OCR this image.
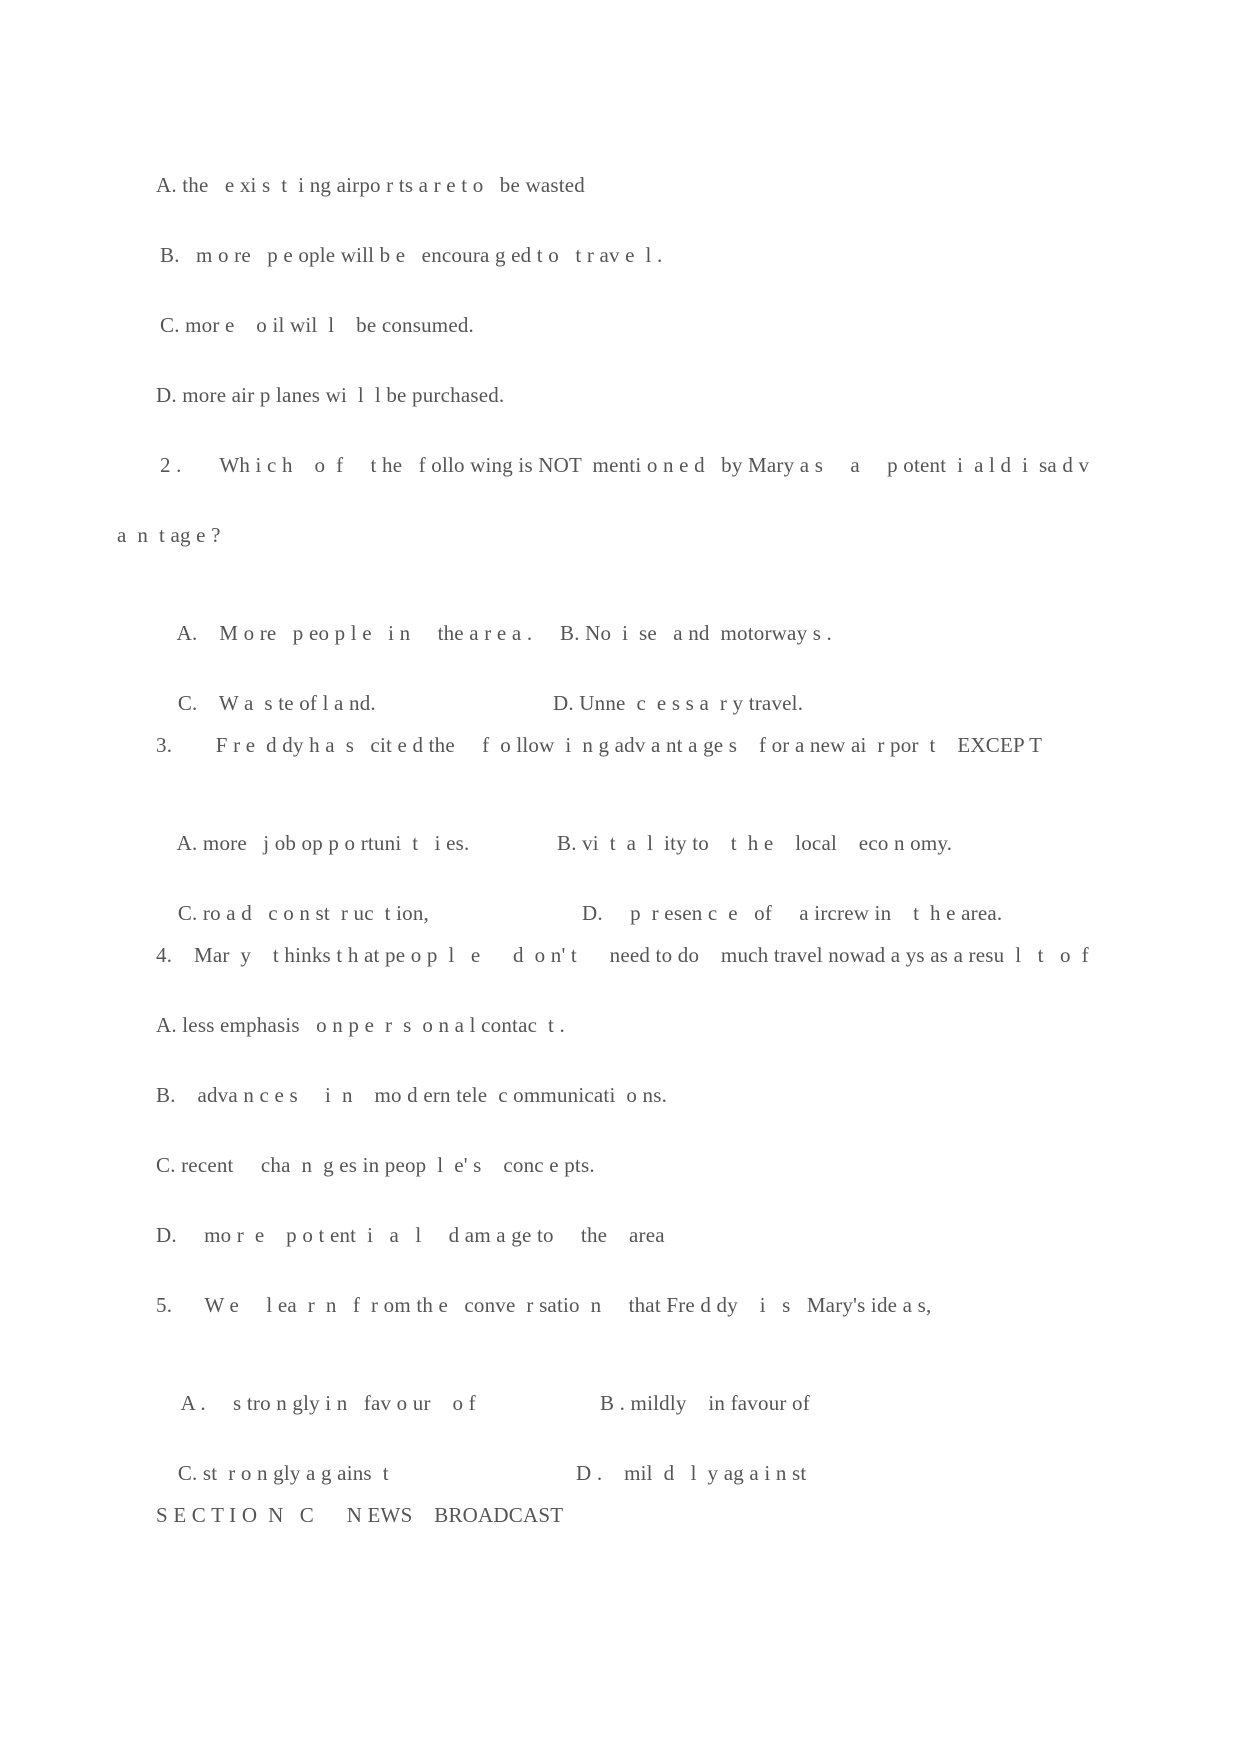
A. the   e xi s  t  i ng airpo r ts a r e t o   be wasted
B.   m o re   p e ople will b e   encoura g ed t o   t r av e  l .
C. mor e    o il wil  l    be consumed.
D. more air p lanes wi  l  l be purchased.
2 .       Wh i c h    o  f     t he   f ollo wing is NOT  menti o n e d   by Mary a s     a     p otent  i  a l d  i  sa d v
a  n  t ag e ?

A.    M o re   p eo p l e   i n     the a r e a . B. No  i  se   a nd  motorway s .

C.    W a  s te of l a nd.	D. Unne  c  e s s a  r y travel.

3.        F r e  d dy h a  s   cit e d the     f  o llow  i  n g adv a nt a ge s    f or a new ai  r por  t    EXCEP T

A. more   j ob op p o rtuni  t   i es.	B. vi  t  a  l  ity to    t  h e    local    eco n omy.

C. ro a d   c o n st  r uc  t ion,	D.     p  r esen c  e   of     a ircrew in    t  h e area.

4.    Mar  y    t hinks t h at pe o p  l   e      d  o n' t      need to do    much travel nowad a ys as a resu  l   t   o  f
A. less emphasis   o n p e  r  s  o n a l contac  t .
B.    adva n c e s     i  n    mo d ern tele  c ommunicati  o ns.
C. recent     cha  n  g es in peop  l  e' s    conc e pts.
D.     mo r  e    p o t ent  i   a   l     d am a ge to     the    area
5.      W e     l ea  r  n   f  r om th e   conve  r satio  n     that Fre d dy    i   s   Mary's ide a s,

A .     s tro n gly i n   fav o ur    o f	B . mildly    in favour of

C. st  r o n gly a g ains  t	D .    mil  d   l  y ag a i n st

S E C T I O  N   C      N EWS    BROADCAST
